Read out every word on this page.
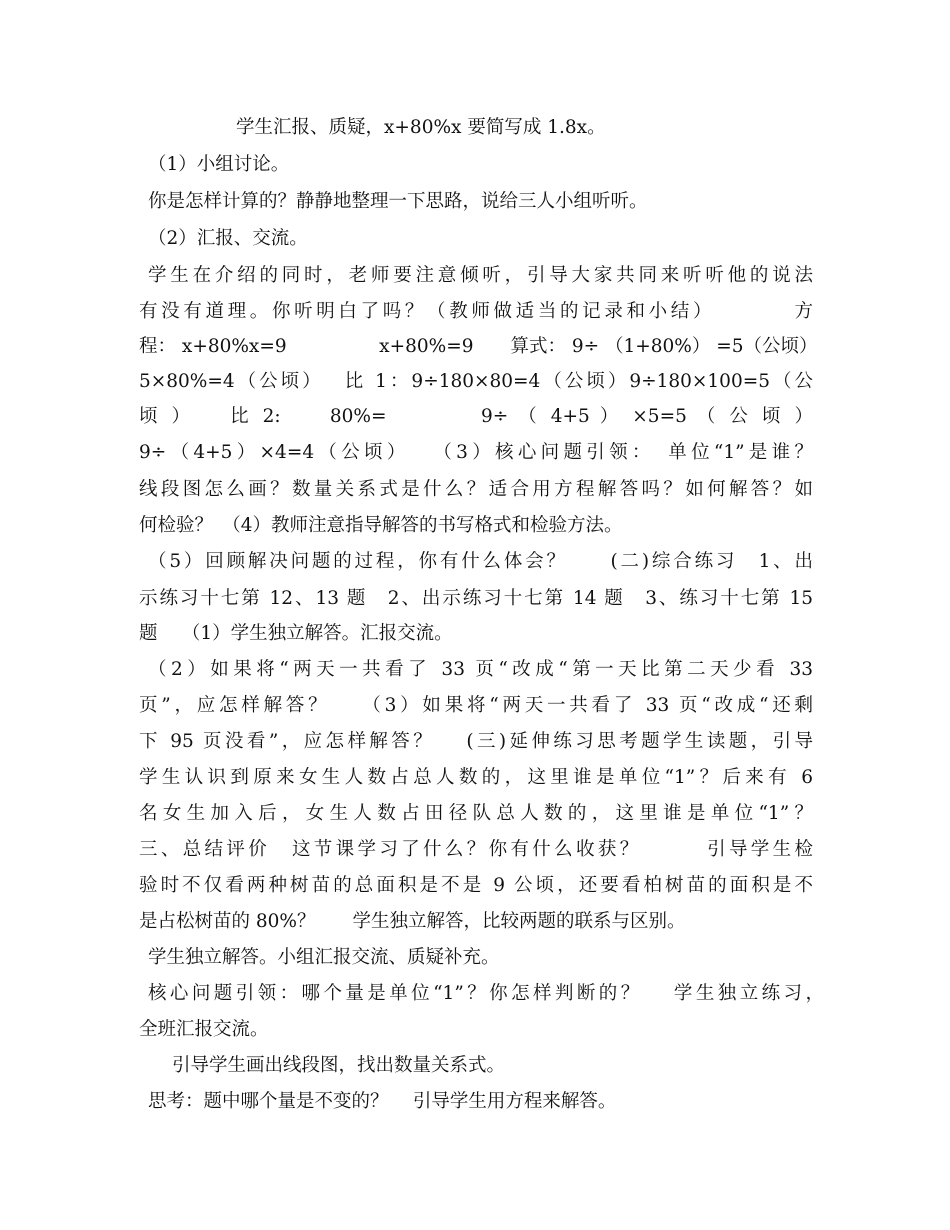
学生汇报、质疑，x+80%x 要简写成 1.8x。
（1）小组讨论。
你是怎样计算的？静静地整理一下思路，说给三人小组听听。
（2）汇报、交流。
学生在介绍的同时，老师要注意倾听，引导大家共同来听听他的说法
有没有道理。你听明白了吗？（教师做适当的记录和小结）　　　　方
程： x+80%x=9　　　　　x+80%=9　　算式： 9÷ （1+80%） =5（公顷）
5×80%=4（公顷）　 比 1：9÷180×80=4（公顷）9÷180×100=5（公
顷 ）　　比 2:　　80%=　　　　9÷ （ 4+5 ） ×5=5 （ 公 顷 ）
9÷（4+5）×4=4（公顷）　 （3）核心问题引领：　单位“1”是谁？
线段图怎么画？数量关系式是什么？适合用方程解答吗？如何解答？如
何检验？　（4）教师注意指导解答的书写格式和检验方法。
（5）回顾解决问题的过程，你有什么体会？　　(二)综合练习　1、出
示练习十七第 12、13 题　2、出示练习十七第 14 题　3、练习十七第 15
题　 （1）学生独立解答。汇报交流。
（2）如果将“两天一共看了 33 页“改成“第一天比第二天少看 33
页”，应怎样解答？　 （3）如果将“两天一共看了 33 页“改成“还剩
下 95 页没看”，应怎样解答？　 (三)延伸练习思考题学生读题，引导
学生认识到原来女生人数占总人数的，这里谁是单位“1”？后来有 6
名女生加入后，女生人数占田径队总人数的，这里谁是单位“1”？
三、总结评价　这节课学习了什么？你有什么收获？　　　引导学生检
验时不仅看两种树苗的总面积是不是 9 公顷，还要看柏树苗的面积是不
是占松树苗的 80%？　　学生独立解答，比较两题的联系与区别。
学生独立解答。小组汇报交流、质疑补充。
核心问题引领：哪个量是单位“1”？你怎样判断的？　 学生独立练习，
全班汇报交流。
引导学生画出线段图，找出数量关系式。
思考：题中哪个量是不变的？　 引导学生用方程来解答。
